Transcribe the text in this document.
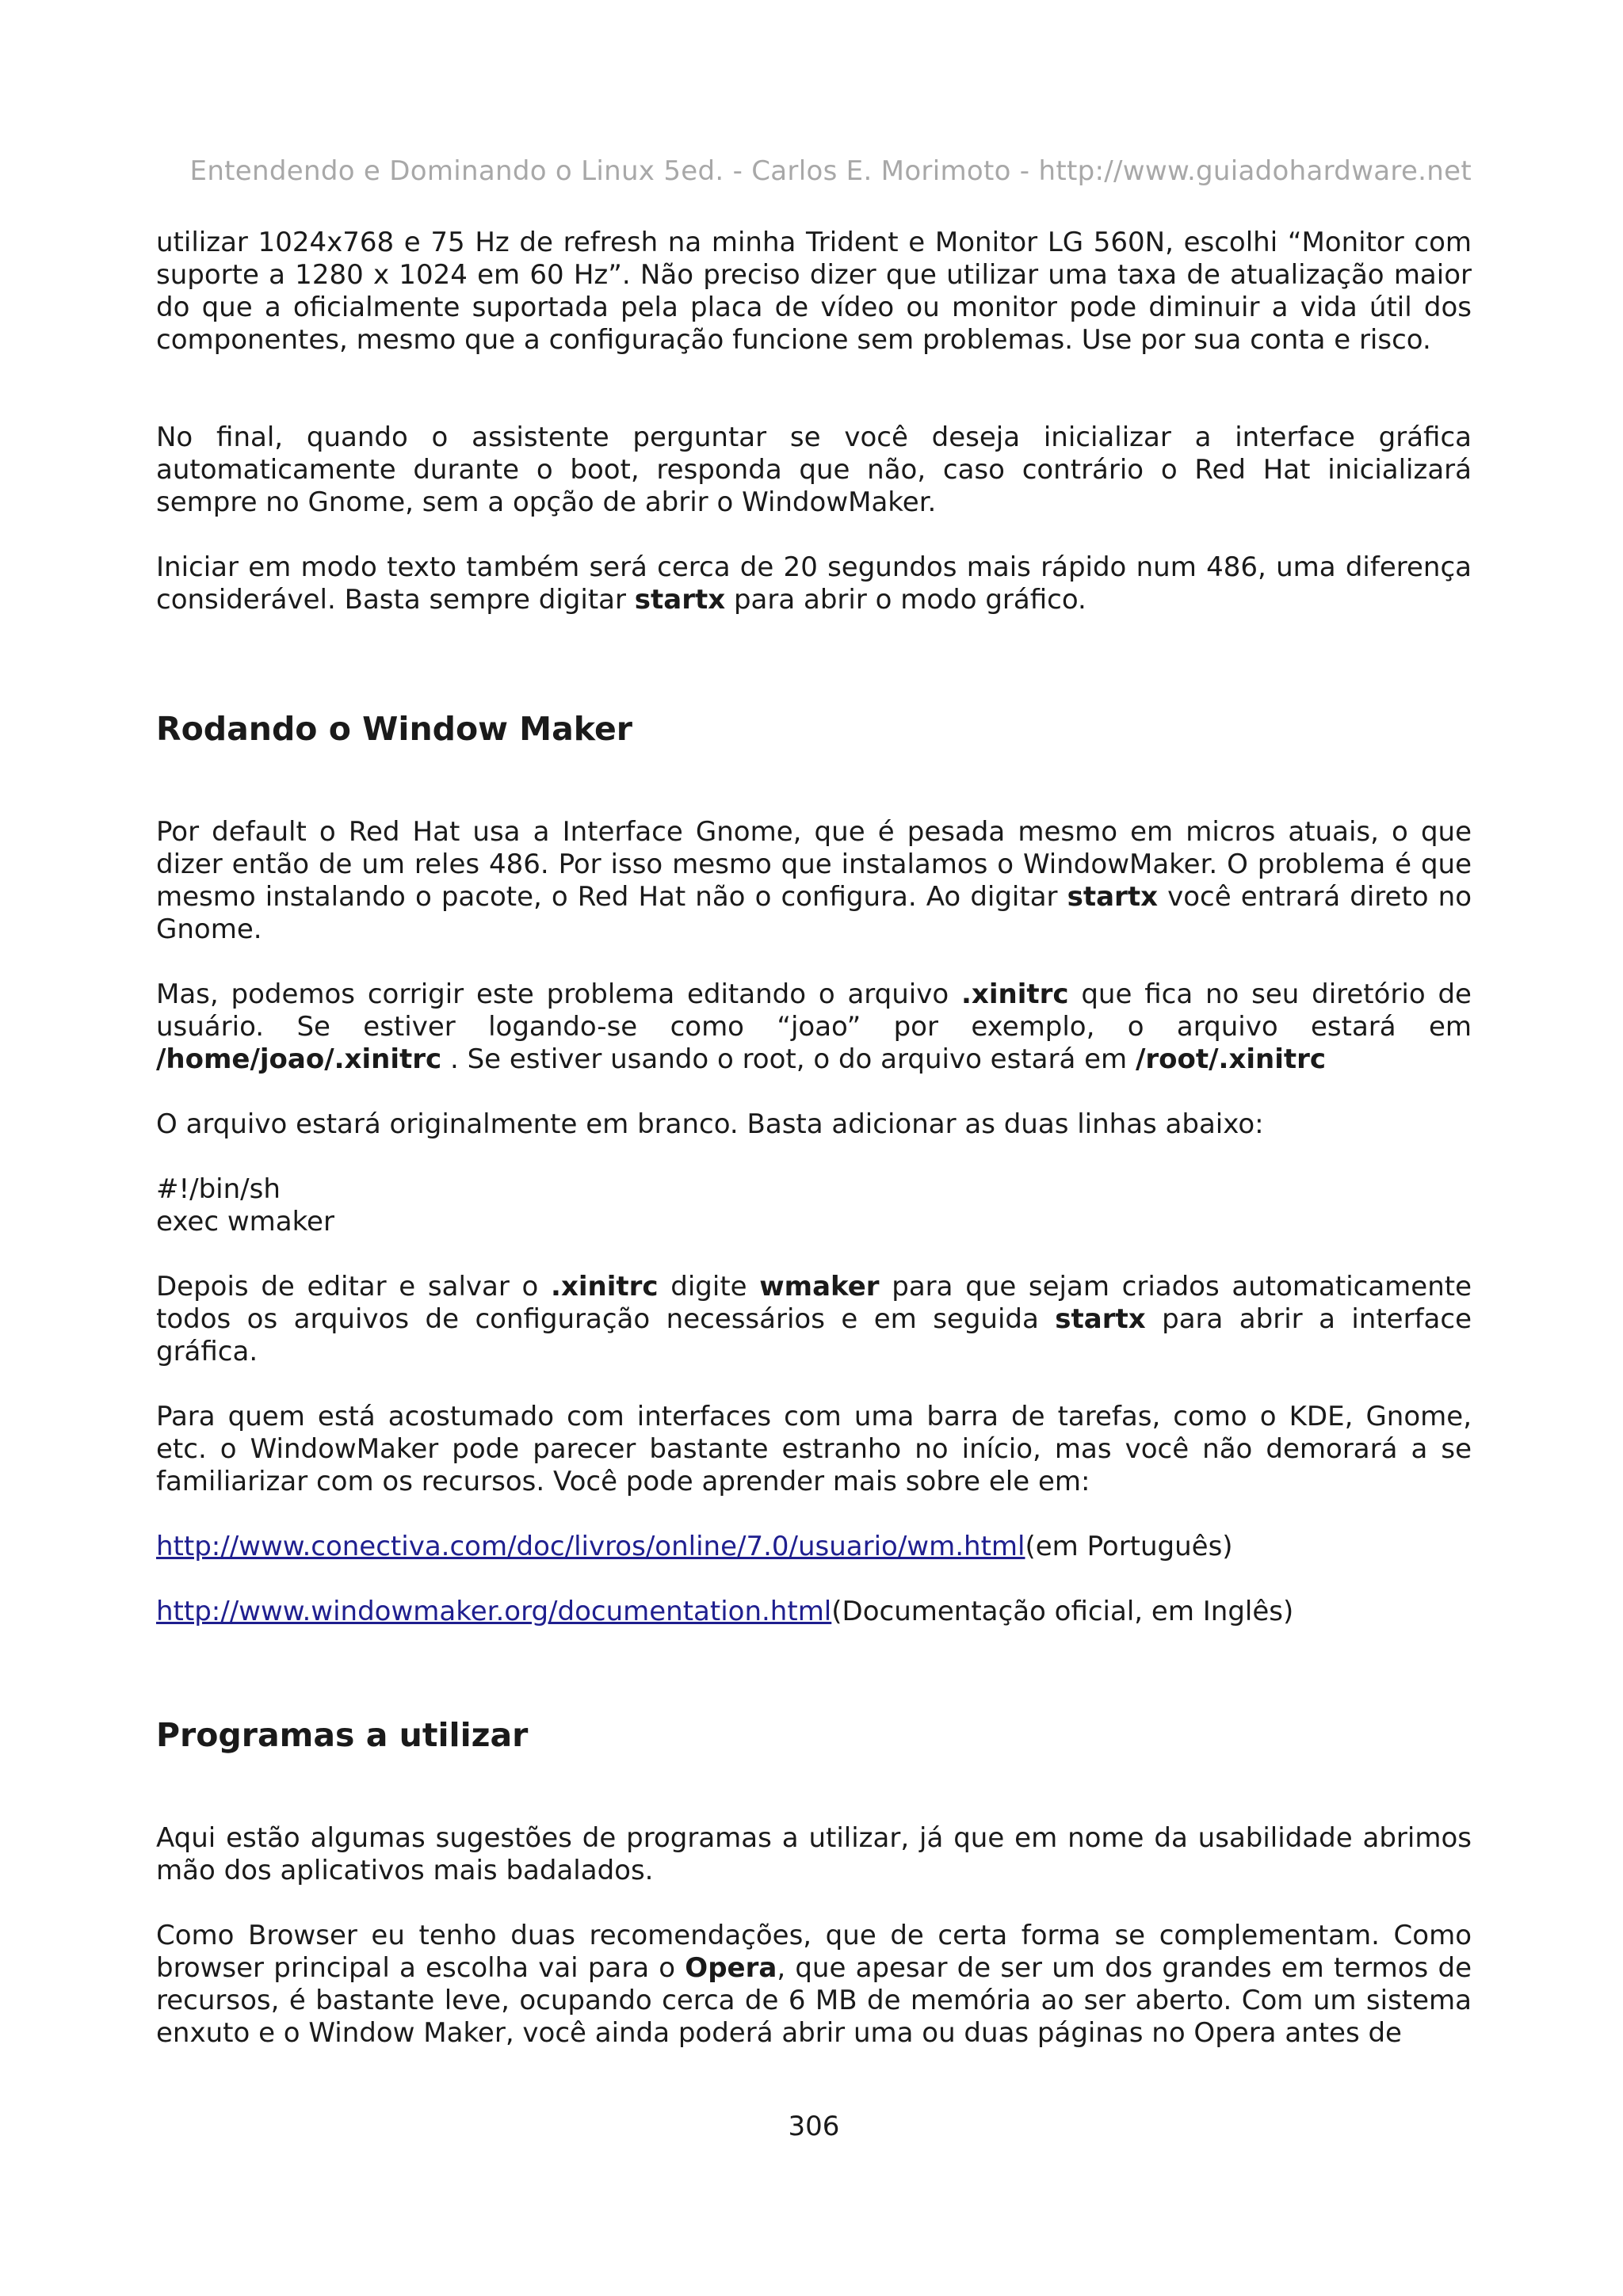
Entendendo e Dominando o Linux 5ed. - Carlos E. Morimoto - http://www.guiadohardware.net

utilizar 1024x768 e 75 Hz de refresh na minha Trident e Monitor LG 560N, escolhi “Monitor com suporte a 1280 x 1024 em 60 Hz”. Não preciso dizer que utilizar uma taxa de atualização maior do que a oficialmente suportada pela placa de vídeo ou monitor pode diminuir a vida útil dos componentes, mesmo que a configuração funcione sem problemas. Use por sua conta e risco.

No final, quando o assistente perguntar se você deseja inicializar a interface gráfica automaticamente durante o boot, responda que não, caso contrário o Red Hat inicializará sempre no Gnome, sem a opção de abrir o WindowMaker.

Iniciar em modo texto também será cerca de 20 segundos mais rápido num 486, uma diferença considerável. Basta sempre digitar startx para abrir o modo gráfico.

Rodando o Window Maker

Por default o Red Hat usa a Interface Gnome, que é pesada mesmo em micros atuais, o que dizer então de um reles 486. Por isso mesmo que instalamos o WindowMaker. O problema é que mesmo instalando o pacote, o Red Hat não o configura. Ao digitar startx você entrará direto no Gnome.

Mas, podemos corrigir este problema editando o arquivo .xinitrc que fica no seu diretório de usuário. Se estiver logando-se como “joao” por exemplo, o arquivo estará em /home/joao/.xinitrc . Se estiver usando o root, o do arquivo estará em /root/.xinitrc

O arquivo estará originalmente em branco. Basta adicionar as duas linhas abaixo:

#!/bin/sh
exec wmaker

Depois de editar e salvar o .xinitrc digite wmaker para que sejam criados automaticamente todos os arquivos de configuração necessários e em seguida startx para abrir a interface gráfica.

Para quem está acostumado com interfaces com uma barra de tarefas, como o KDE, Gnome, etc. o WindowMaker pode parecer bastante estranho no início, mas você não demorará a se familiarizar com os recursos. Você pode aprender mais sobre ele em:

http://www.conectiva.com/doc/livros/online/7.0/usuario/wm.html(em Português)

http://www.windowmaker.org/documentation.html(Documentação oficial, em Inglês)

Programas a utilizar

Aqui estão algumas sugestões de programas a utilizar, já que em nome da usabilidade abrimos mão dos aplicativos mais badalados.

Como Browser eu tenho duas recomendações, que de certa forma se complementam. Como browser principal a escolha vai para o Opera, que apesar de ser um dos grandes em termos de recursos, é bastante leve, ocupando cerca de 6 MB de memória ao ser aberto. Com um sistema enxuto e o Window Maker, você ainda poderá abrir uma ou duas páginas no Opera antes de

306
